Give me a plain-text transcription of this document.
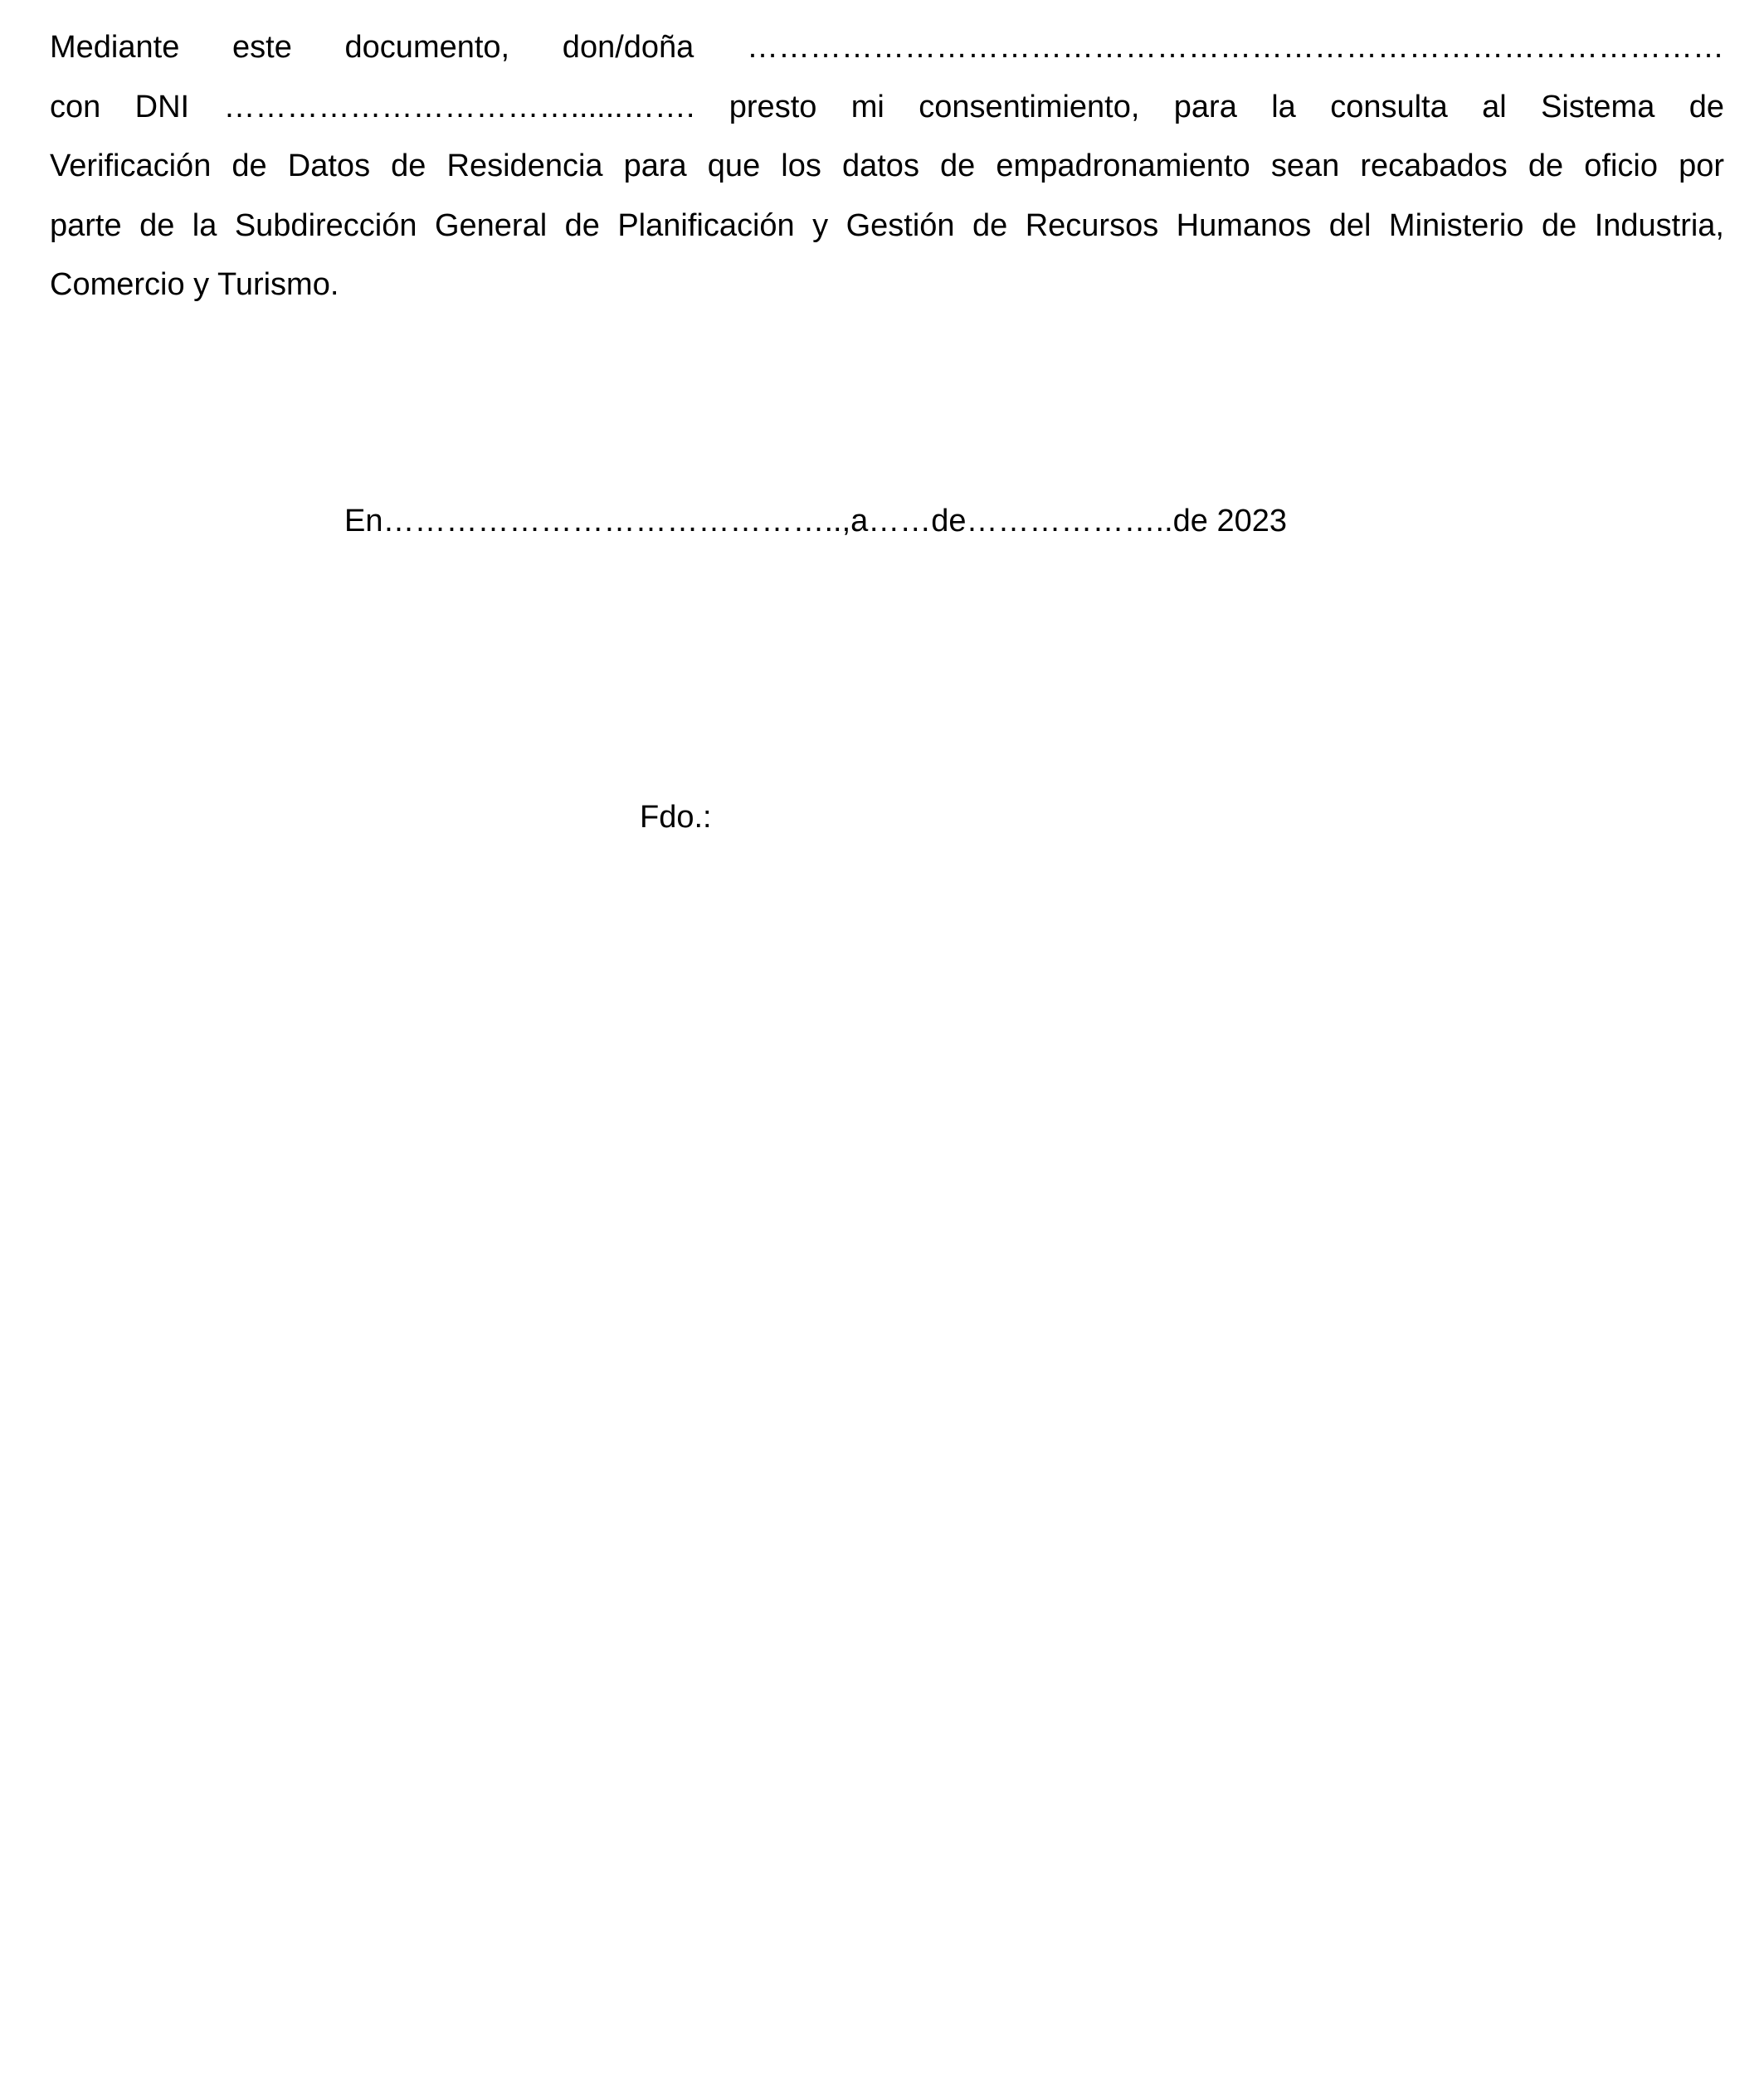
Mediante este documento, don/doña …………………………………………………………………………………
con DNI ……………………………......……. presto mi consentimiento, para la consulta al Sistema de
Verificación de Datos de Residencia para que los datos de empadronamiento sean recabados de oficio por
parte de la Subdirección General de Planificación y Gestión de Recursos Humanos del Ministerio de Industria,
Comercio y Turismo.

En……………………………………..,a……de………………..de 2023

Fdo.:
